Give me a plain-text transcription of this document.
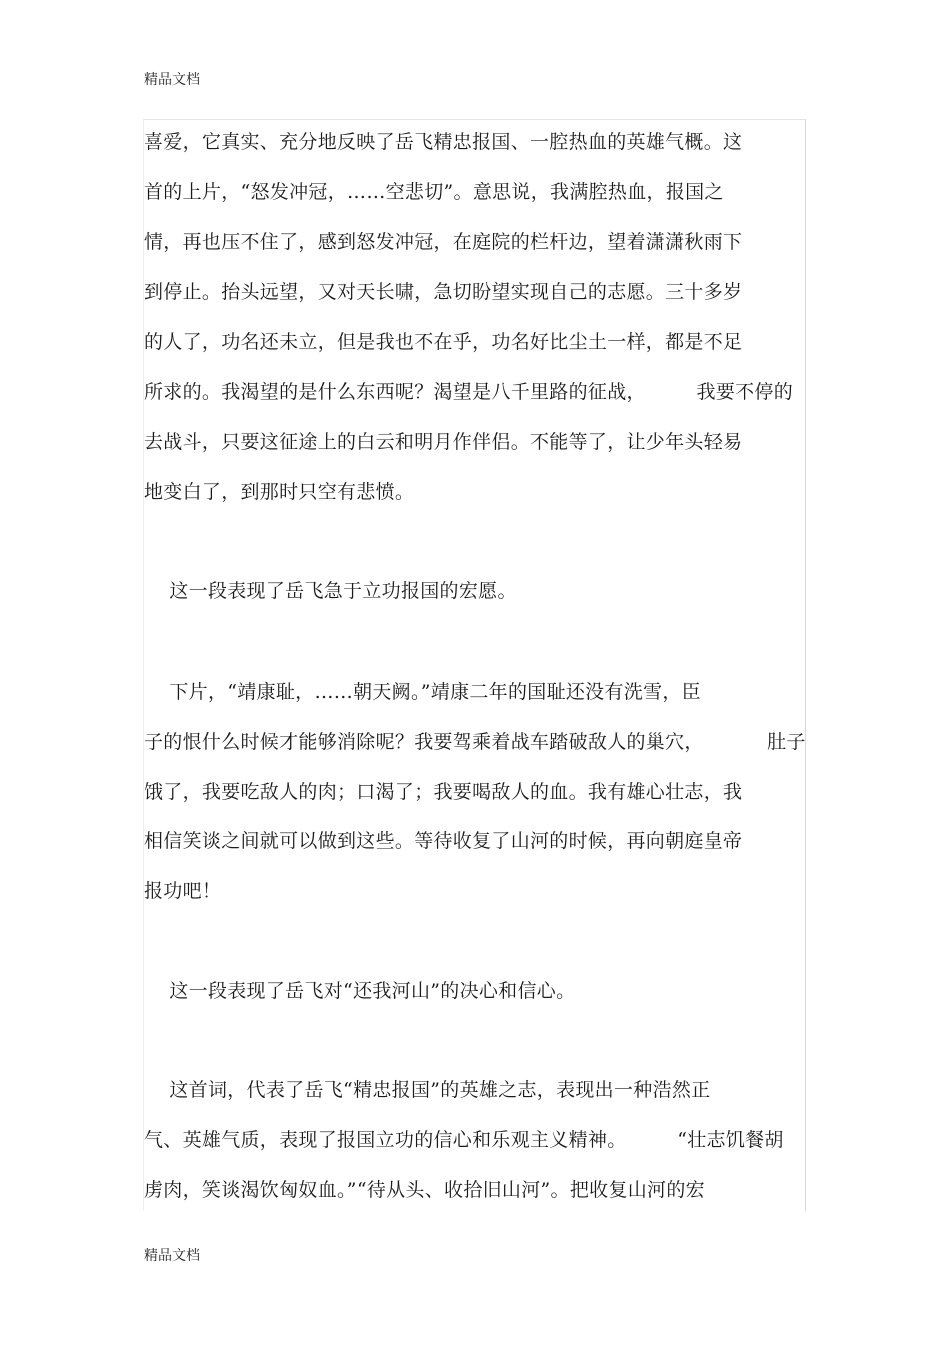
精品文档
喜爱，它真实、充分地反映了岳飞精忠报国、一腔热血的英雄气概。这
首的上片，“怒发冲冠，……空悲切”。意思说，我满腔热血，报国之
情，再也压不住了，感到怒发冲冠，在庭院的栏杆边，望着潇潇秋雨下
到停止。抬头远望，又对天长啸，急切盼望实现自己的志愿。三十多岁
的人了，功名还未立，但是我也不在乎，功名好比尘土一样，都是不足
所求的。我渴望的是什么东西呢？渴望是八千里路的征战，        我要不停的
去战斗，只要这征途上的白云和明月作伴侣。不能等了，让少年头轻易
地变白了，到那时只空有悲愤。
这一段表现了岳飞急于立功报国的宏愿。
下片，“靖康耻，……朝天阙。”靖康二年的国耻还没有洗雪，臣
子的恨什么时候才能够消除呢？我要驾乘着战车踏破敌人的巢穴，          肚子
饿了，我要吃敌人的肉；口渴了；我要喝敌人的血。我有雄心壮志，我
相信笑谈之间就可以做到这些。等待收复了山河的时候，再向朝庭皇帝
报功吧！
这一段表现了岳飞对“还我河山”的决心和信心。
这首词，代表了岳飞“精忠报国”的英雄之志，表现出一种浩然正
气、英雄气质，表现了报国立功的信心和乐观主义精神。        “壮志饥餐胡
虏肉，笑谈渴饮匈奴血。”“待从头、收拾旧山河”。把收复山河的宏
精品文档
